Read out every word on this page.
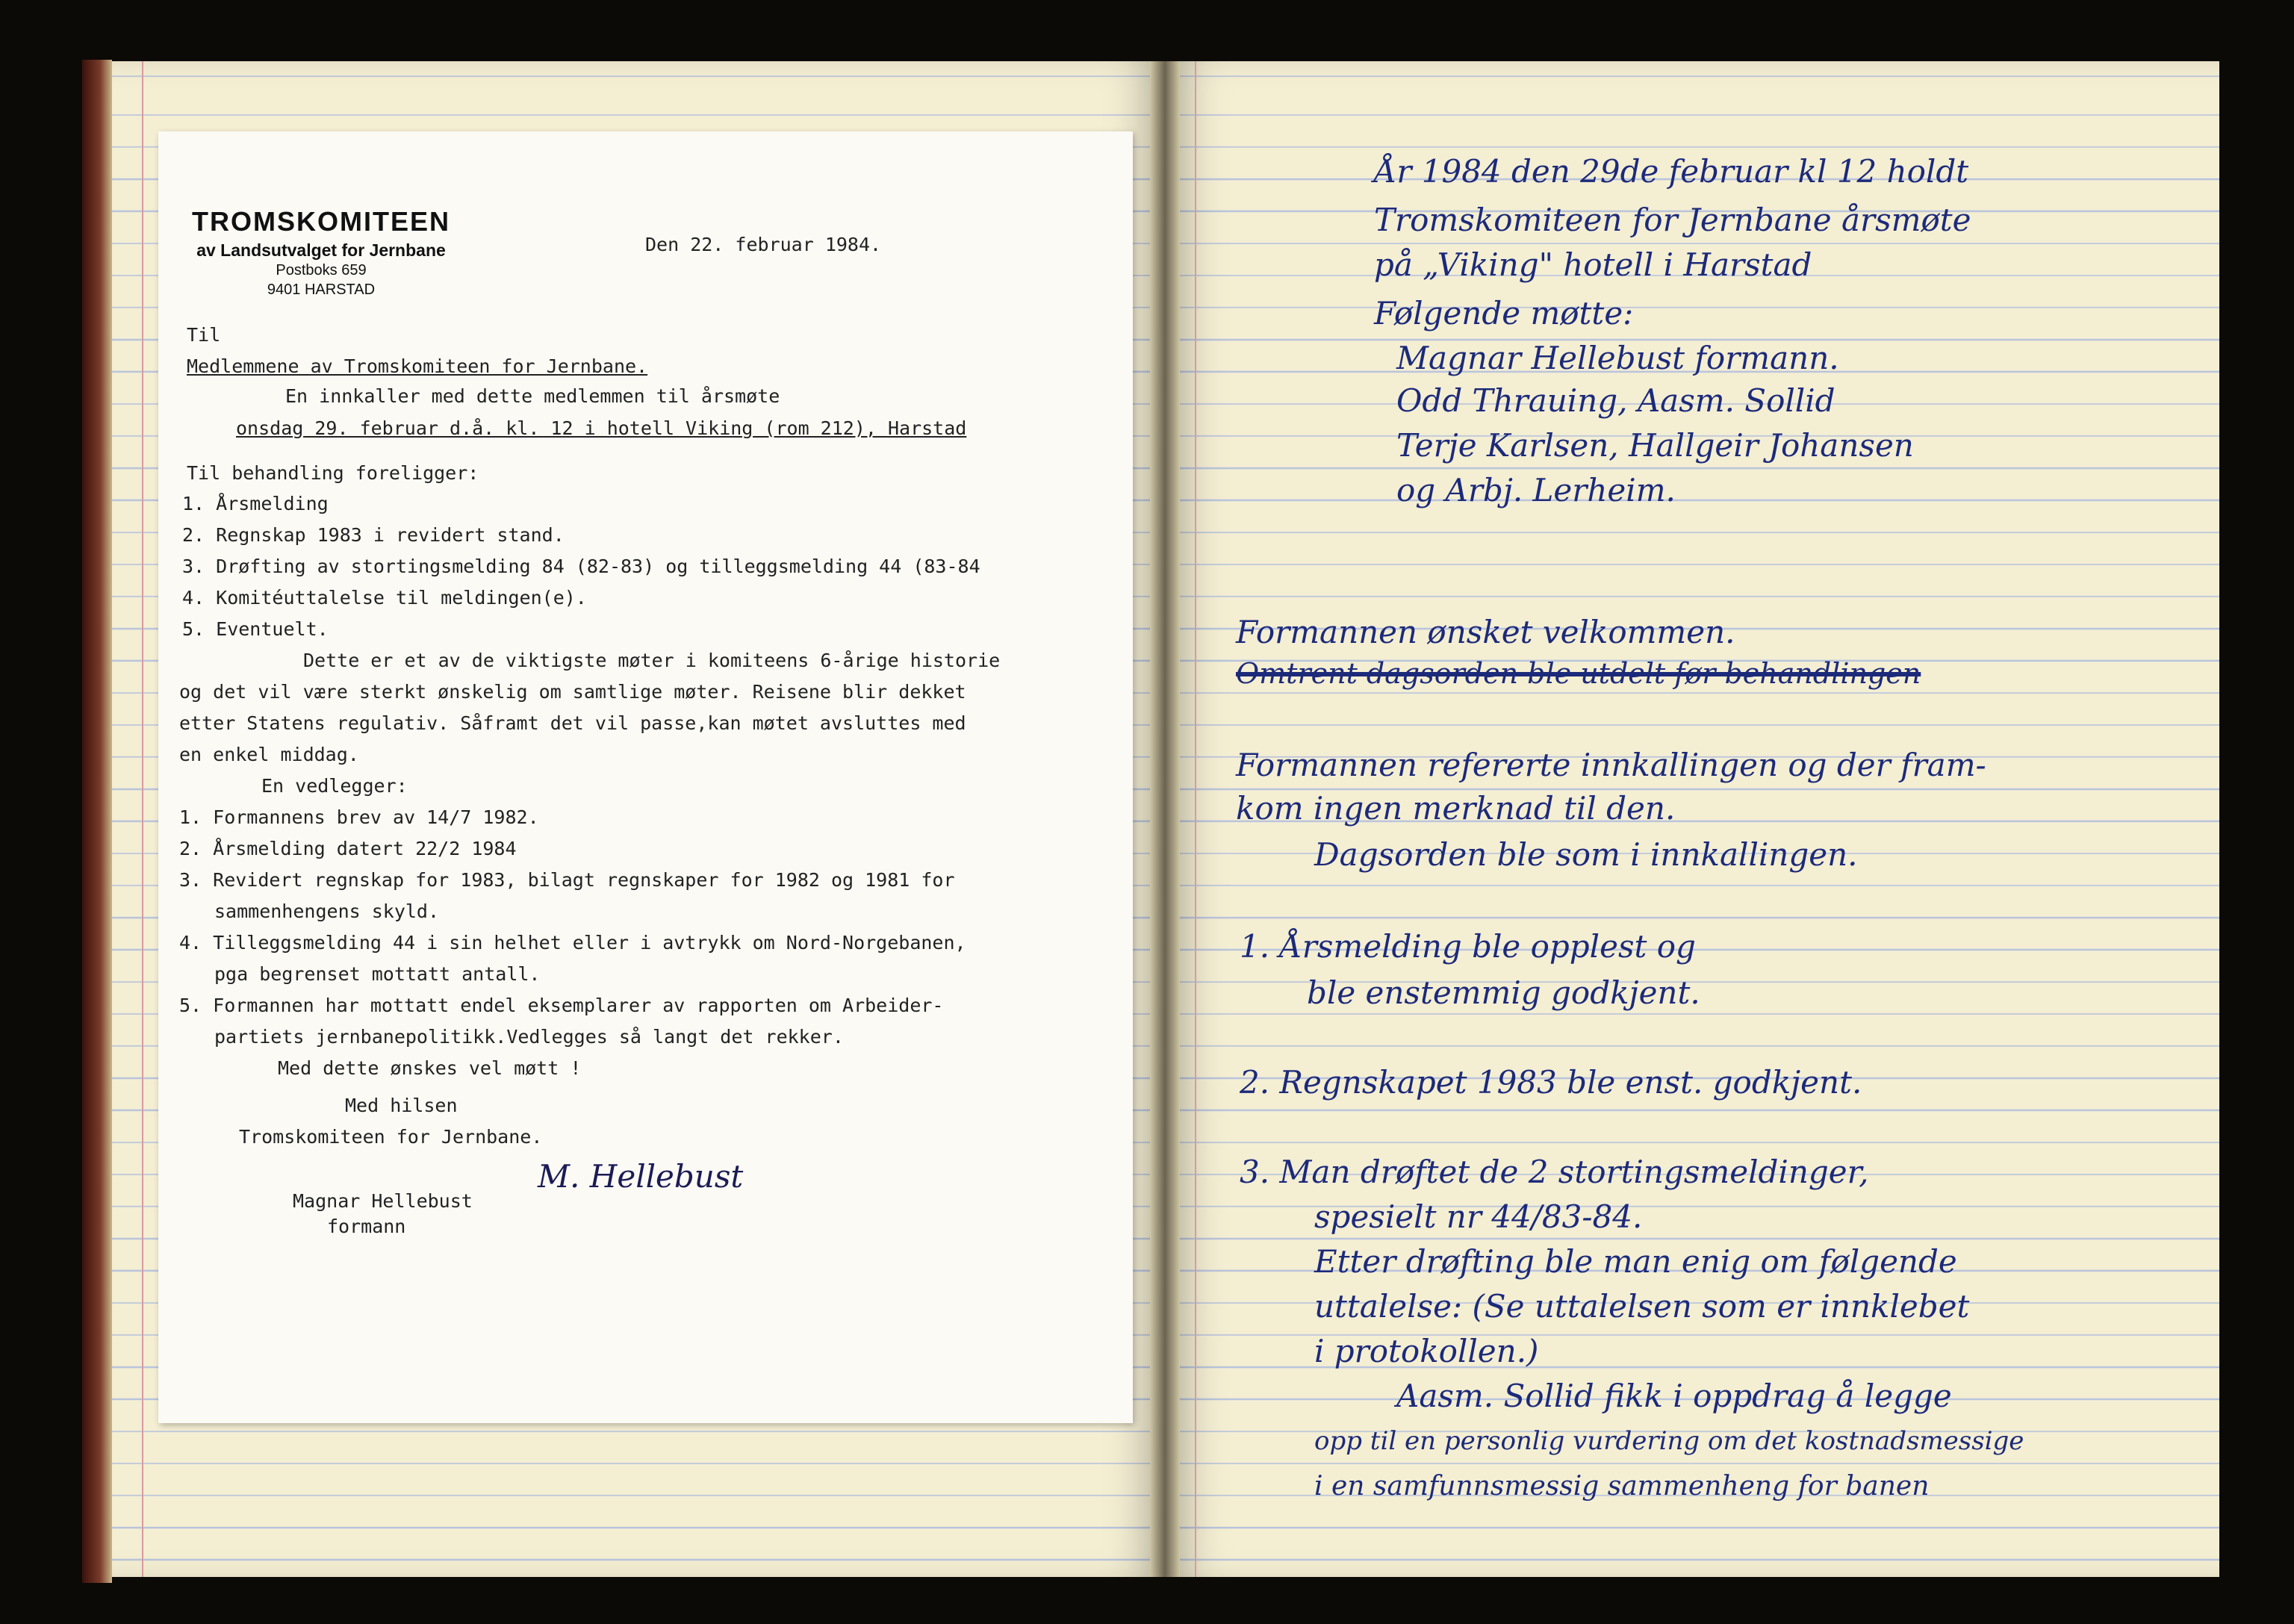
TROMSKOMITEEN
av Landsutvalget for Jernbane
Postboks 659
9401 HARSTAD
Den 22. februar 1984.
Til
Medlemmene av Tromskomiteen for Jernbane.
En innkaller med dette medlemmen til årsmøte
onsdag 29. februar d.å. kl. 12 i hotell Viking (rom 212), Harstad
Til behandling foreligger:
1. Årsmelding
2. Regnskap 1983 i revidert stand.
3. Drøfting av stortingsmelding 84 (82-83) og tilleggsmelding 44 (83-84
4. Komitéuttalelse til meldingen(e).
5. Eventuelt.
Dette er et av de viktigste møter i komiteens 6-årige historie
og det vil være sterkt ønskelig om samtlige møter. Reisene blir dekket
etter Statens regulativ. Såframt det vil passe,kan møtet avsluttes med
en enkel middag.
En vedlegger:
1. Formannens brev av 14/7 1982.
2. Årsmelding datert 22/2 1984
3. Revidert regnskap for 1983, bilagt regnskaper for 1982 og 1981 for
sammenhengens skyld.
4. Tilleggsmelding 44 i sin helhet eller i avtrykk om Nord-Norgebanen,
pga begrenset mottatt antall.
5. Formannen har mottatt endel eksemplarer av rapporten om Arbeider-
partiets jernbanepolitikk.Vedlegges så langt det rekker.
Med dette ønskes vel møtt !
Med hilsen
Tromskomiteen for Jernbane.
M. Hellebust
Magnar Hellebust
formann
År 1984 den 29de februar kl 12 holdt
Tromskomiteen for Jernbane årsmøte
på „Viking" hotell i Harstad
Følgende møtte:
Magnar Hellebust formann.
Odd Thrauing, Aasm. Sollid
Terje Karlsen, Hallgeir Johansen
og Arbj. Lerheim.
Formannen ønsket velkommen.
Omtrent dagsorden ble utdelt før behandlingen
Formannen refererte innkallingen og der fram-
kom ingen merknad til den.
Dagsorden ble som i innkallingen.
1. Årsmelding ble opplest og
ble enstemmig godkjent.
2. Regnskapet 1983 ble enst. godkjent.
3. Man drøftet de 2 stortingsmeldinger,
spesielt nr 44/83-84.
Etter drøfting ble man enig om følgende
uttalelse: (Se uttalelsen som er innklebet
i protokollen.)
Aasm. Sollid fikk i oppdrag å legge
opp til en personlig vurdering om det kostnadsmessige
i en samfunnsmessig sammenheng for banen
